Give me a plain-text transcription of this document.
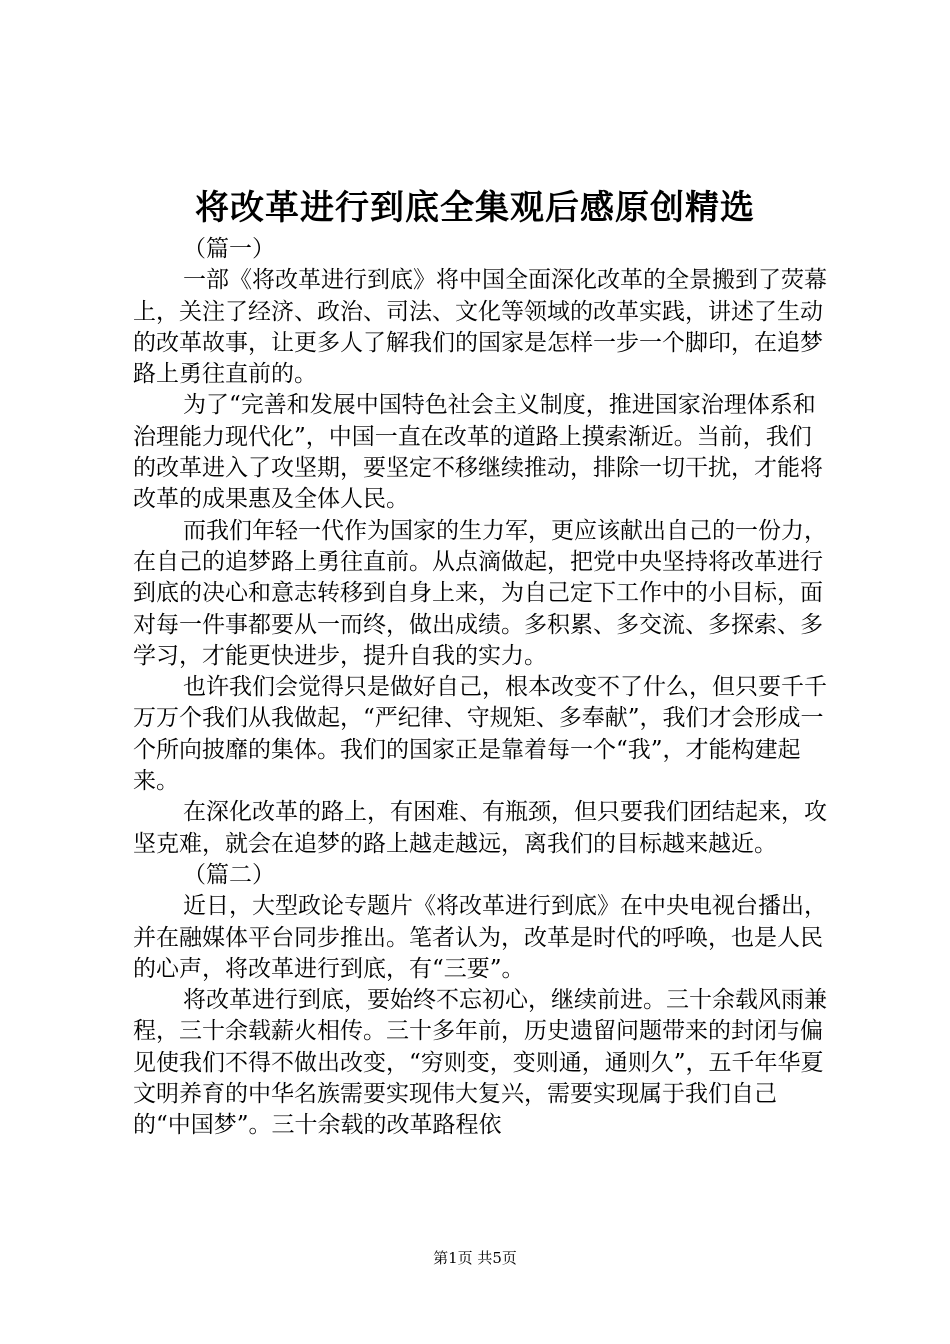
将改革进行到底全集观后感原创精选

（篇一）

一部《将改革进行到底》将中国全面深化改革的全景搬到了荧幕上，关注了经济、政治、司法、文化等领域的改革实践，讲述了生动的改革故事，让更多人了解我们的国家是怎样一步一个脚印，在追梦路上勇往直前的。

为了“完善和发展中国特色社会主义制度，推进国家治理体系和治理能力现代化”，中国一直在改革的道路上摸索渐近。当前，我们的改革进入了攻坚期，要坚定不移继续推动，排除一切干扰，才能将改革的成果惠及全体人民。

而我们年轻一代作为国家的生力军，更应该献出自己的一份力，在自己的追梦路上勇往直前。从点滴做起，把党中央坚持将改革进行到底的决心和意志转移到自身上来，为自己定下工作中的小目标，面对每一件事都要从一而终，做出成绩。多积累、多交流、多探索、多学习，才能更快进步，提升自我的实力。

也许我们会觉得只是做好自己，根本改变不了什么，但只要千千万万个我们从我做起，“严纪律、守规矩、多奉献”，我们才会形成一个所向披靡的集体。我们的国家正是靠着每一个“我”，才能构建起来。

在深化改革的路上，有困难、有瓶颈，但只要我们团结起来，攻坚克难，就会在追梦的路上越走越远，离我们的目标越来越近。

（篇二）

近日，大型政论专题片《将改革进行到底》在中央电视台播出，并在融媒体平台同步推出。笔者认为，改革是时代的呼唤，也是人民的心声，将改革进行到底，有“三要”。

将改革进行到底，要始终不忘初心，继续前进。三十余载风雨兼程，三十余载薪火相传。三十多年前，历史遗留问题带来的封闭与偏见使我们不得不做出改变，“穷则变，变则通，通则久”，五千年华夏文明养育的中华名族需要实现伟大复兴，需要实现属于我们自己的“中国梦”。三十余载的改革路程依

第1页 共5页
